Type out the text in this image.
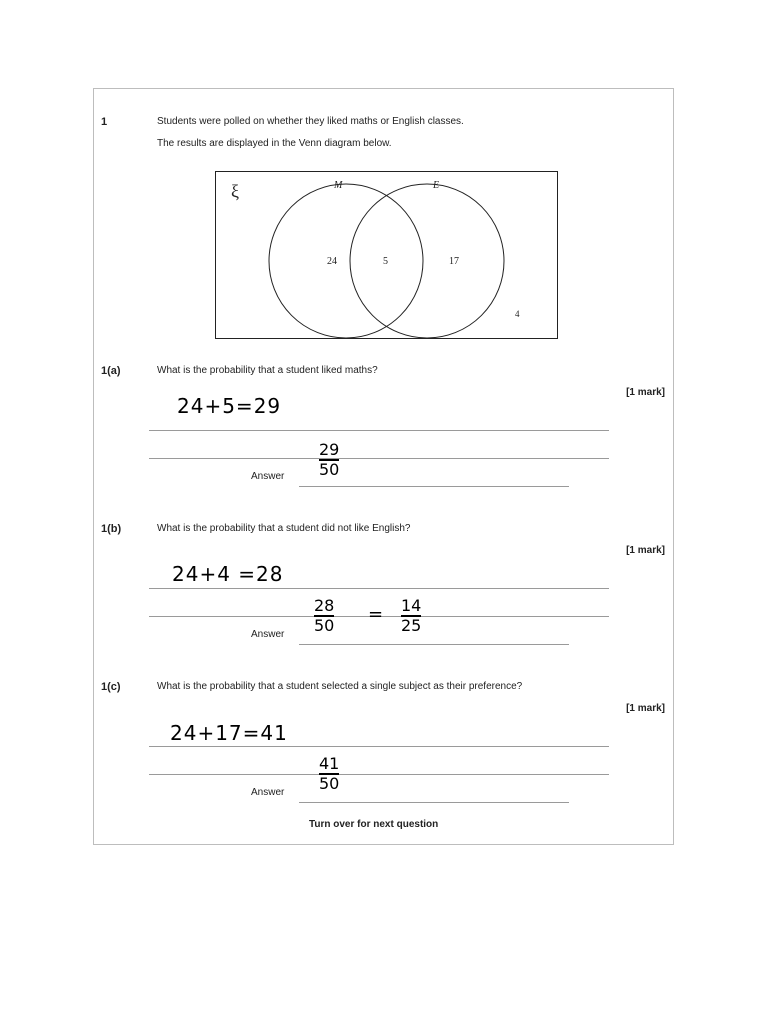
1	Students were polled on whether they liked maths or English classes.
The results are displayed in the Venn diagram below.
ξ	M	E
24	5	17
4
1(a)	What is the probability that a student liked maths?
[1 mark]
24+5=29
29
50
Answer
1(b)	What is the probability that a student did not like English?
[1 mark]
24+4 =28
28
50
= 14
25
Answer
1(c)	What is the probability that a student selected a single subject as their preference?
[1 mark]
24+17=41
41
50
Answer
Turn over for next question
